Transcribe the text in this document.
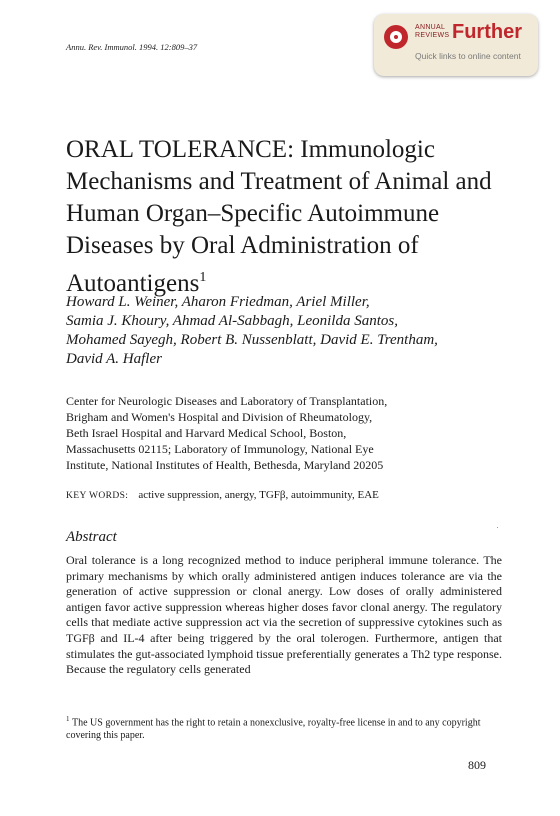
Annu. Rev. Immunol. 1994. 12:809–37
ANNUAL
REVIEWS Further
Quick links to online content
ORAL TOLERANCE: Immunologic Mechanisms and Treatment of Animal and Human Organ–Specific Autoimmune Diseases by Oral Administration of Autoantigens$^1$
Howard L. Weiner, Aharon Friedman, Ariel Miller,
Samia J. Khoury, Ahmad Al-Sabbagh, Leonilda Santos,
Mohamed Sayegh, Robert B. Nussenblatt, David E. Trentham,
David A. Hafler
Center for Neurologic Diseases and Laboratory of Transplantation,
Brigham and Women's Hospital and Division of Rheumatology,
Beth Israel Hospital and Harvard Medical School, Boston,
Massachusetts 02115; Laboratory of Immunology, National Eye
Institute, National Institutes of Health, Bethesda, Maryland 20205
KEY WORDS: active suppression, anergy, TGFβ, autoimmunity, EAE
Abstract
Oral tolerance is a long recognized method to induce peripheral immune tolerance. The primary mechanisms by which orally administered antigen induces tolerance are via the generation of active suppression or clonal anergy. Low doses of orally administered antigen favor active suppression whereas higher doses favor clonal anergy. The regulatory cells that mediate active suppression act via the secretion of suppressive cytokines such as TGFβ and IL-4 after being triggered by the oral tolerogen. Furthermore, antigen that stimulates the gut-associated lymphoid tissue preferentially generates a Th2 type response. Because the regulatory cells generated
$^1$ The US government has the right to retain a nonexclusive, royalty-free license in and to any copyright covering this paper.
809
